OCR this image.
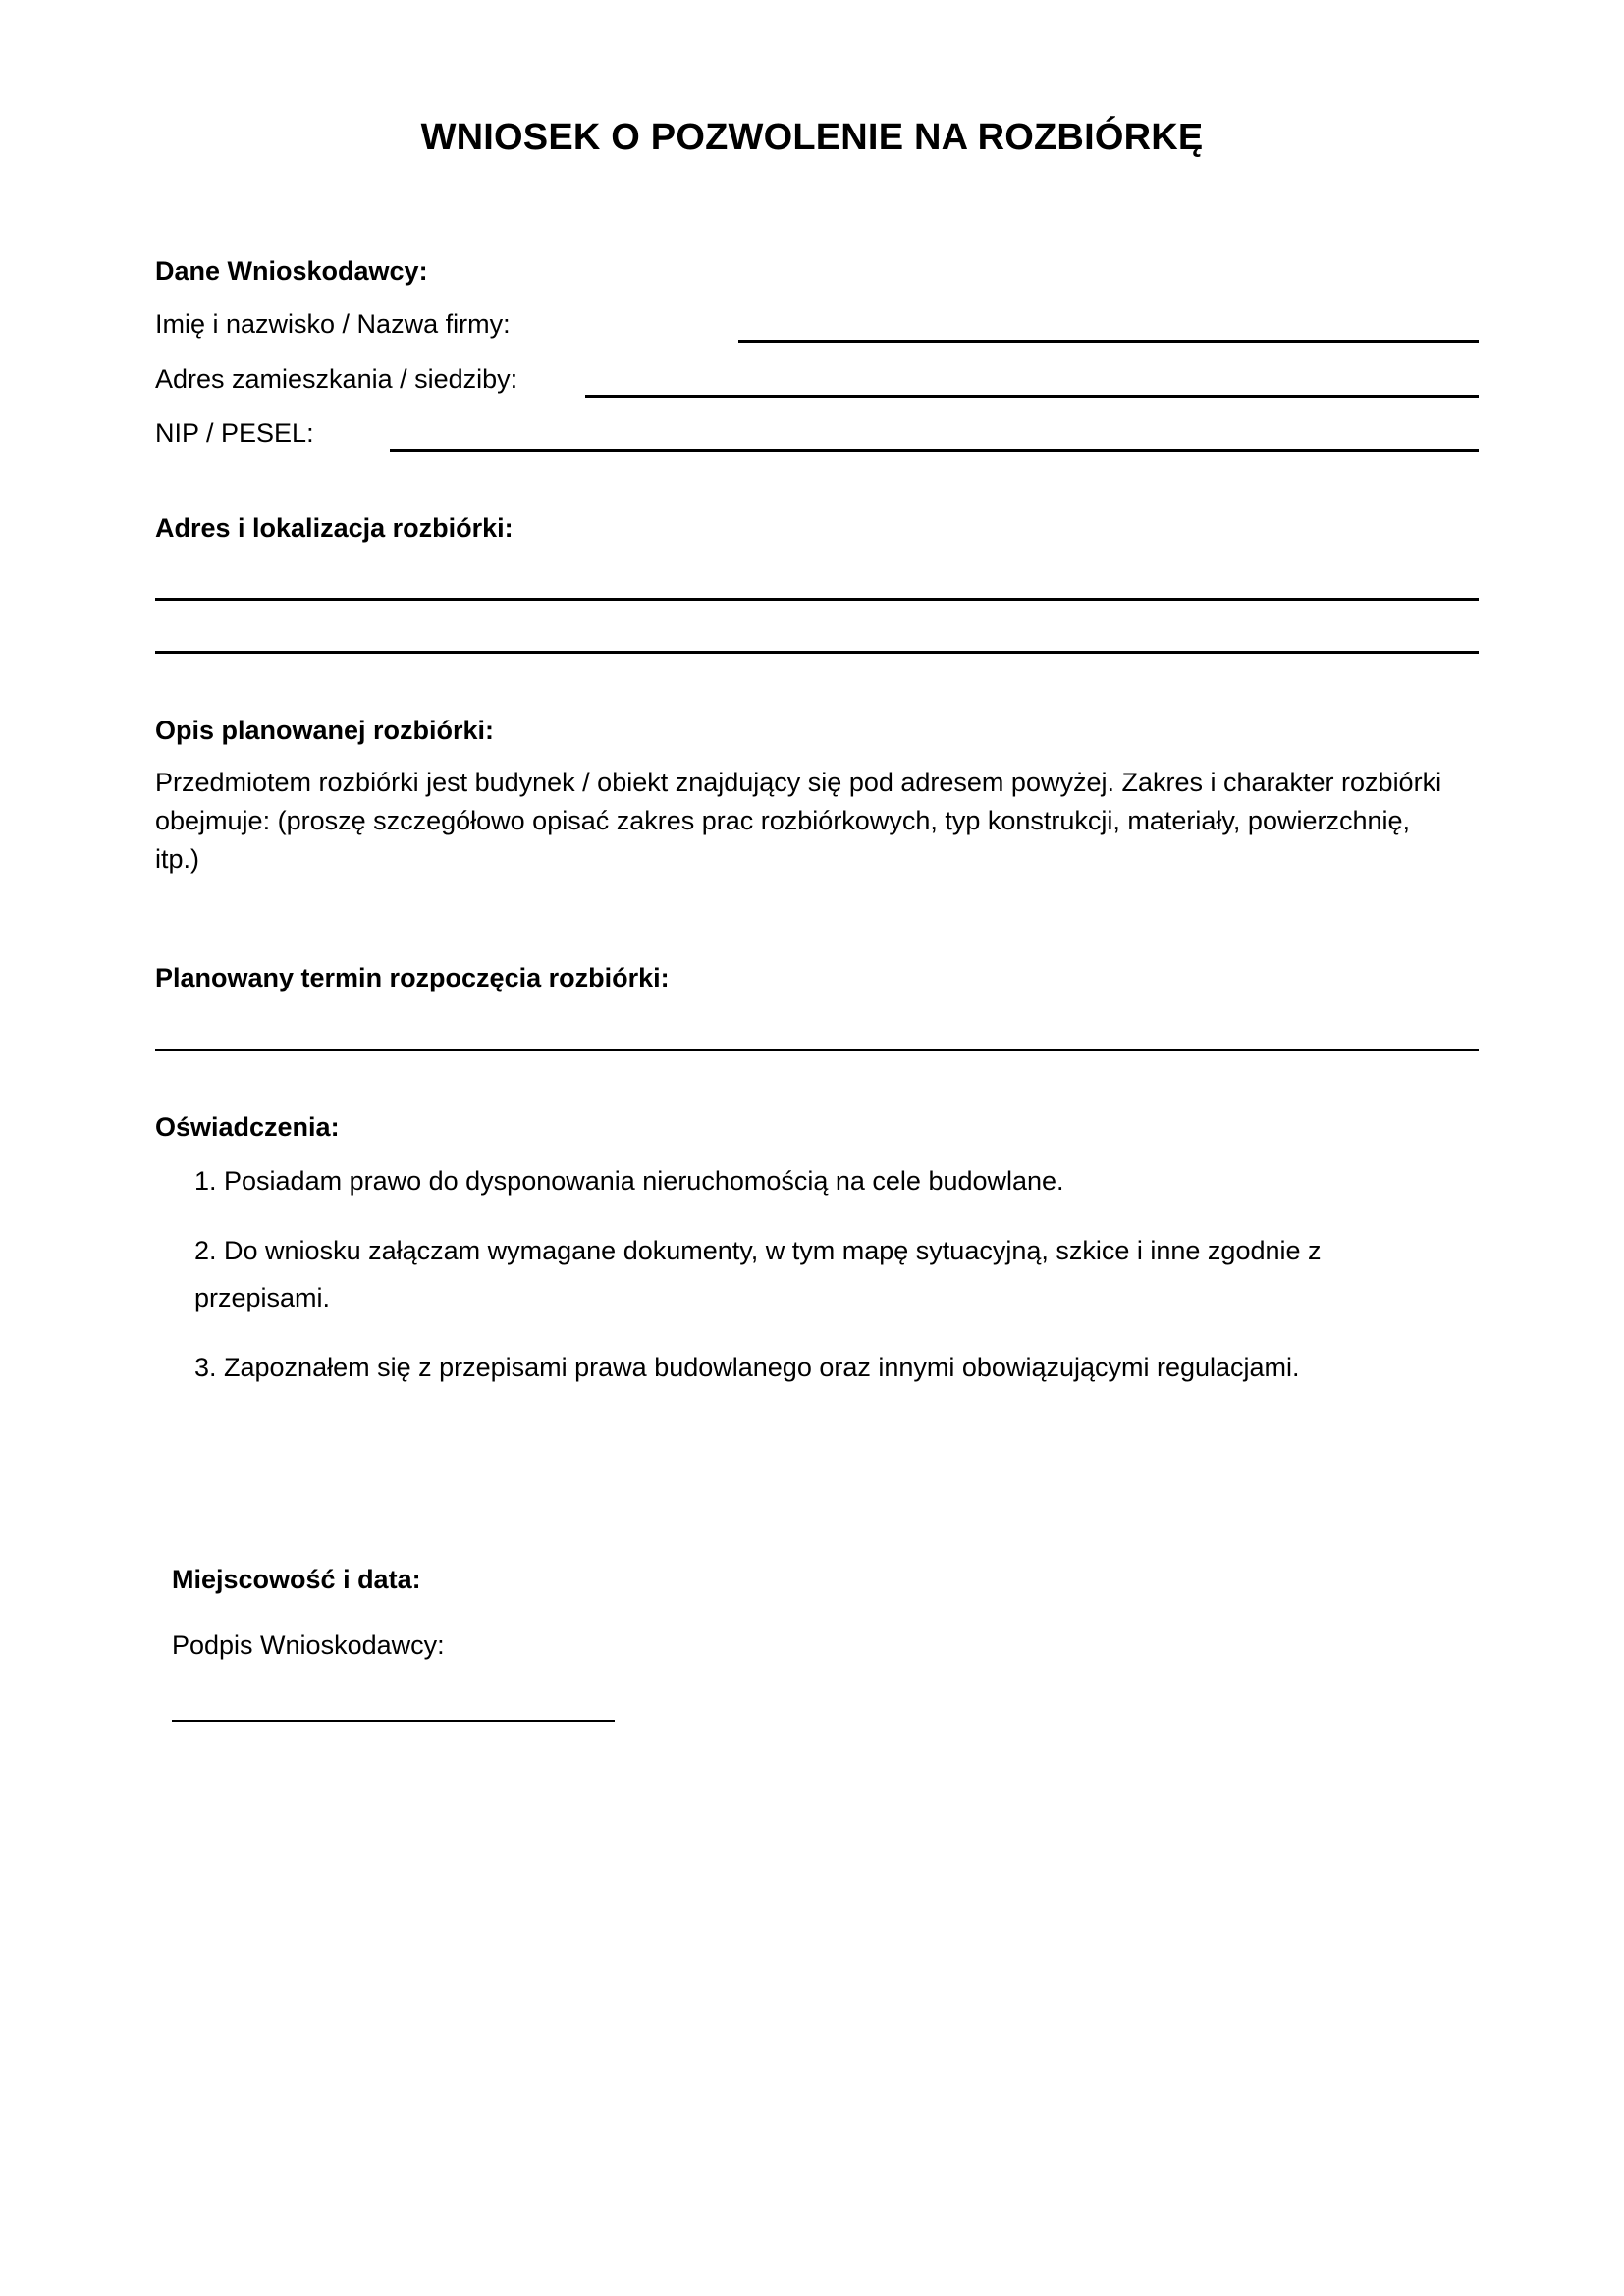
WNIOSEK O POZWOLENIE NA ROZBIÓRKĘ
Dane Wnioskodawcy:
Imię i nazwisko / Nazwa firmy:
Adres zamieszkania / siedziby:
NIP / PESEL:
Adres i lokalizacja rozbiórki:
Opis planowanej rozbiórki:
Przedmiotem rozbiórki jest budynek / obiekt znajdujący się pod adresem powyżej. Zakres i charakter rozbiórki obejmuje: (proszę szczegółowo opisać zakres prac rozbiórkowych, typ konstrukcji, materiały, powierzchnię, itp.)
Planowany termin rozpoczęcia rozbiórki:
Oświadczenia:
1. Posiadam prawo do dysponowania nieruchomością na cele budowlane.
2. Do wniosku załączam wymagane dokumenty, w tym mapę sytuacyjną, szkice i inne zgodnie z przepisami.
3. Zapoznałem się z przepisami prawa budowlanego oraz innymi obowiązującymi regulacjami.
Miejscowość i data:
Podpis Wnioskodawcy:
